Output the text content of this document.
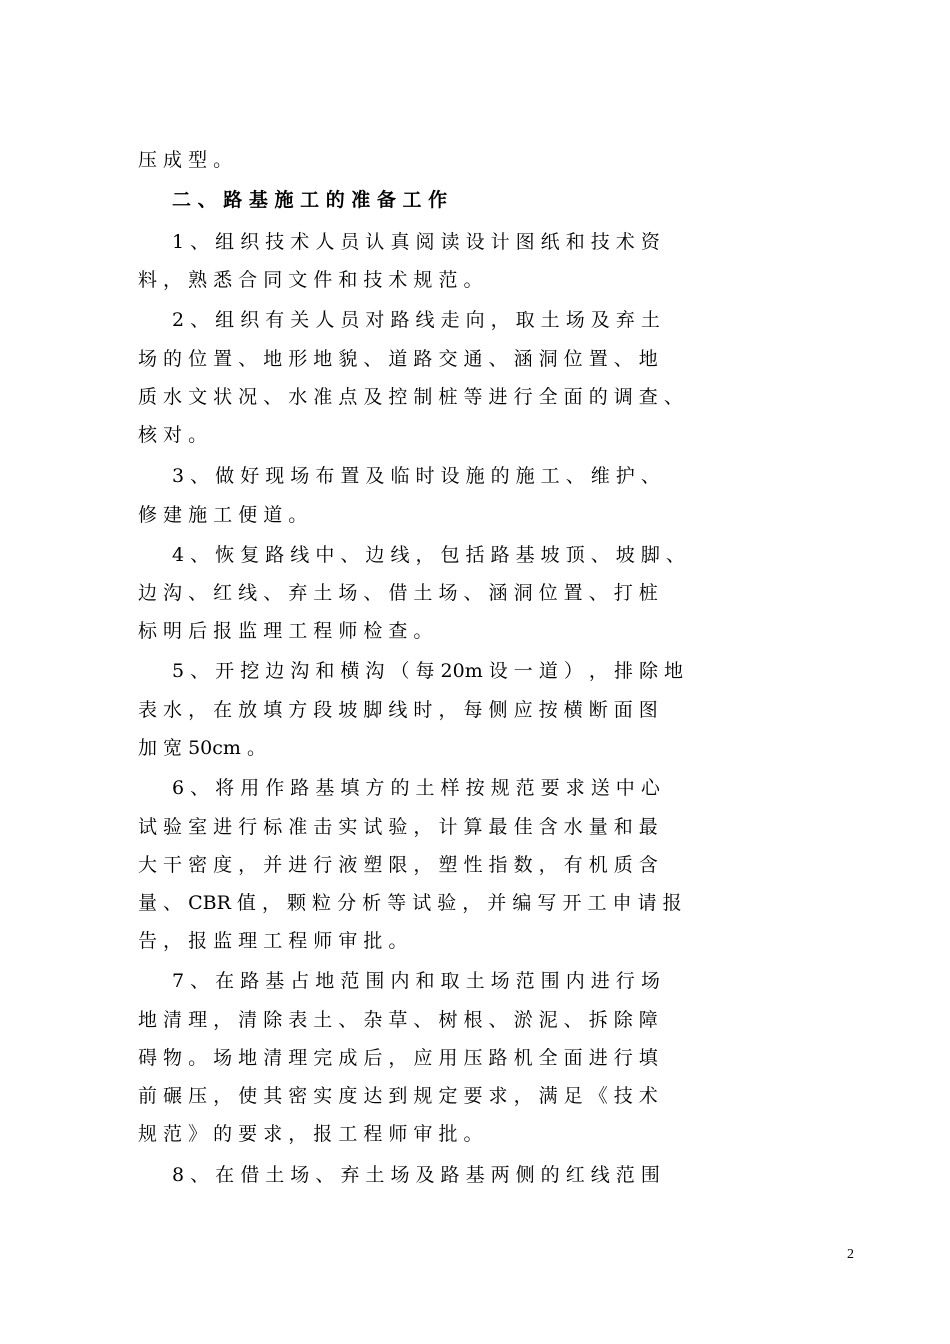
压 成 型 。

二 、 路 基 施 工 的 准 备 工 作

1 、 组 织 技 术 人 员 认 真 阅 读 设 计 图 纸 和 技 术 资

料 ， 熟 悉 合 同 文 件 和 技 术 规 范 。

2 、 组 织 有 关 人 员 对 路 线 走 向 ， 取 土 场 及 弃 土

场 的 位 置 、 地 形 地 貌 、 道 路 交 通 、 涵 洞 位 置 、 地

质 水 文 状 况 、 水 准 点 及 控 制 桩 等 进 行 全 面 的 调 查 、

核 对 。

3 、 做 好 现 场 布 置 及 临 时 设 施 的 施 工 、 维 护 、

修 建 施 工 便 道 。

4 、 恢 复 路 线 中 、 边 线 ， 包 括 路 基 坡 顶 、 坡 脚 、

边 沟 、 红 线 、 弃 土 场 、 借 土 场 、 涵 洞 位 置 、 打 桩

标 明 后 报 监 理 工 程 师 检 查 。

5 、 开 挖 边 沟 和 横 沟 （ 每 20m 设 一 道 ） ， 排 除 地

表 水 ， 在 放 填 方 段 坡 脚 线 时 ， 每 侧 应 按 横 断 面 图

加 宽 50cm 。

6 、 将 用 作 路 基 填 方 的 土 样 按 规 范 要 求 送 中 心

试 验 室 进 行 标 准 击 实 试 验 ， 计 算 最 佳 含 水 量 和 最

大 干 密 度 ， 并 进 行 液 塑 限 ， 塑 性 指 数 ， 有 机 质 含

量 、 CBR 值 ， 颗 粒 分 析 等 试 验 ， 并 编 写 开 工 申 请 报

告 ， 报 监 理 工 程 师 审 批 。

7 、 在 路 基 占 地 范 围 内 和 取 土 场 范 围 内 进 行 场

地 清 理 ， 清 除 表 土 、 杂 草 、 树 根 、 淤 泥 、 拆 除 障

碍 物 。 场 地 清 理 完 成 后 ， 应 用 压 路 机 全 面 进 行 填

前 碾 压 ， 使 其 密 实 度 达 到 规 定 要 求 ， 满 足 《 技 术

规 范 》 的 要 求 ， 报 工 程 师 审 批 。

8 、 在 借 土 场 、 弃 土 场 及 路 基 两 侧 的 红 线 范 围

2
